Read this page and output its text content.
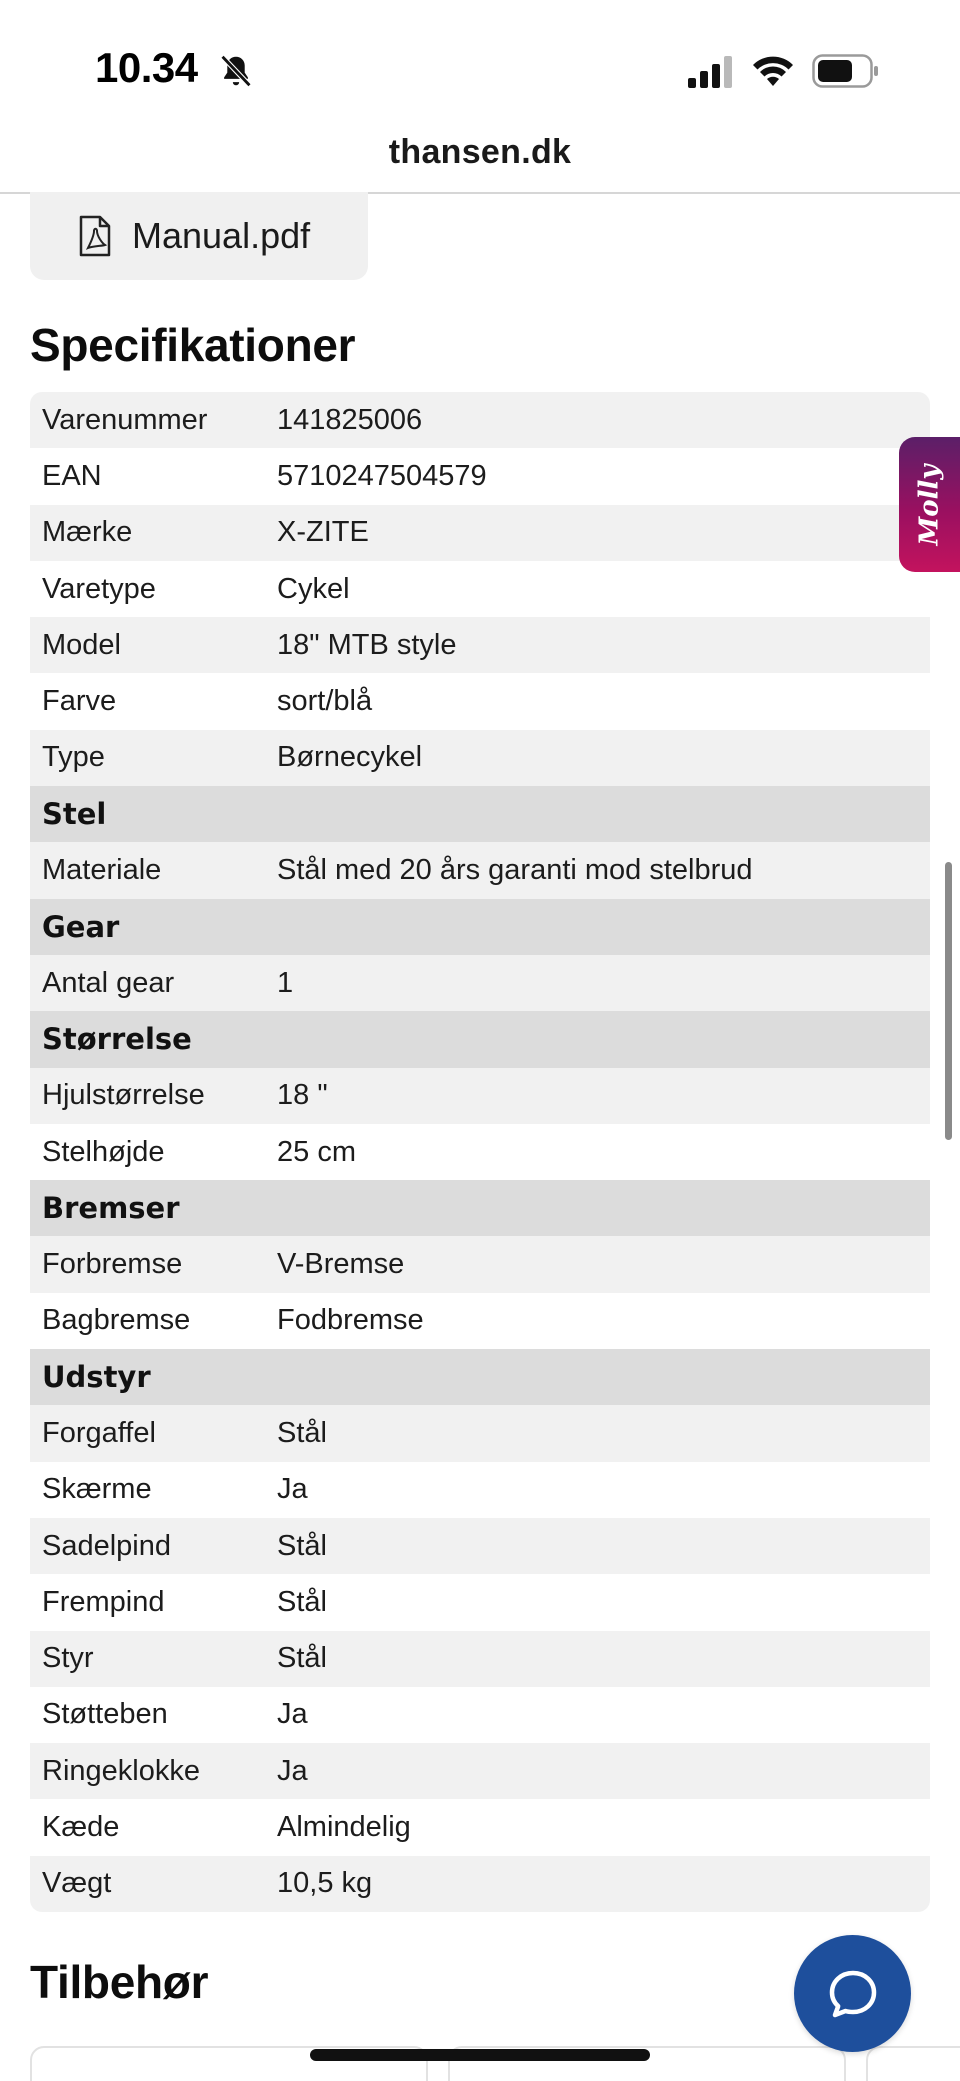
10.34
thansen.dk
Manual.pdf
Specifikationer
Varenummer	141825006
EAN	5710247504579
Mærke	X-ZITE
Varetype	Cykel
Model	18" MTB style
Farve	sort/blå
Type	Børnecykel
Stel
Materiale	Stål med 20 års garanti mod stelbrud
Gear
Antal gear	1
Størrelse
Hjulstørrelse	18 "
Stelhøjde	25 cm
Bremser
Forbremse	V-Bremse
Bagbremse	Fodbremse
Udstyr
Forgaffel	Stål
Skærme	Ja
Sadelpind	Stål
Frempind	Stål
Styr	Stål
Støtteben	Ja
Ringeklokke	Ja
Kæde	Almindelig
Vægt	10,5 kg
Molly
Tilbehør
